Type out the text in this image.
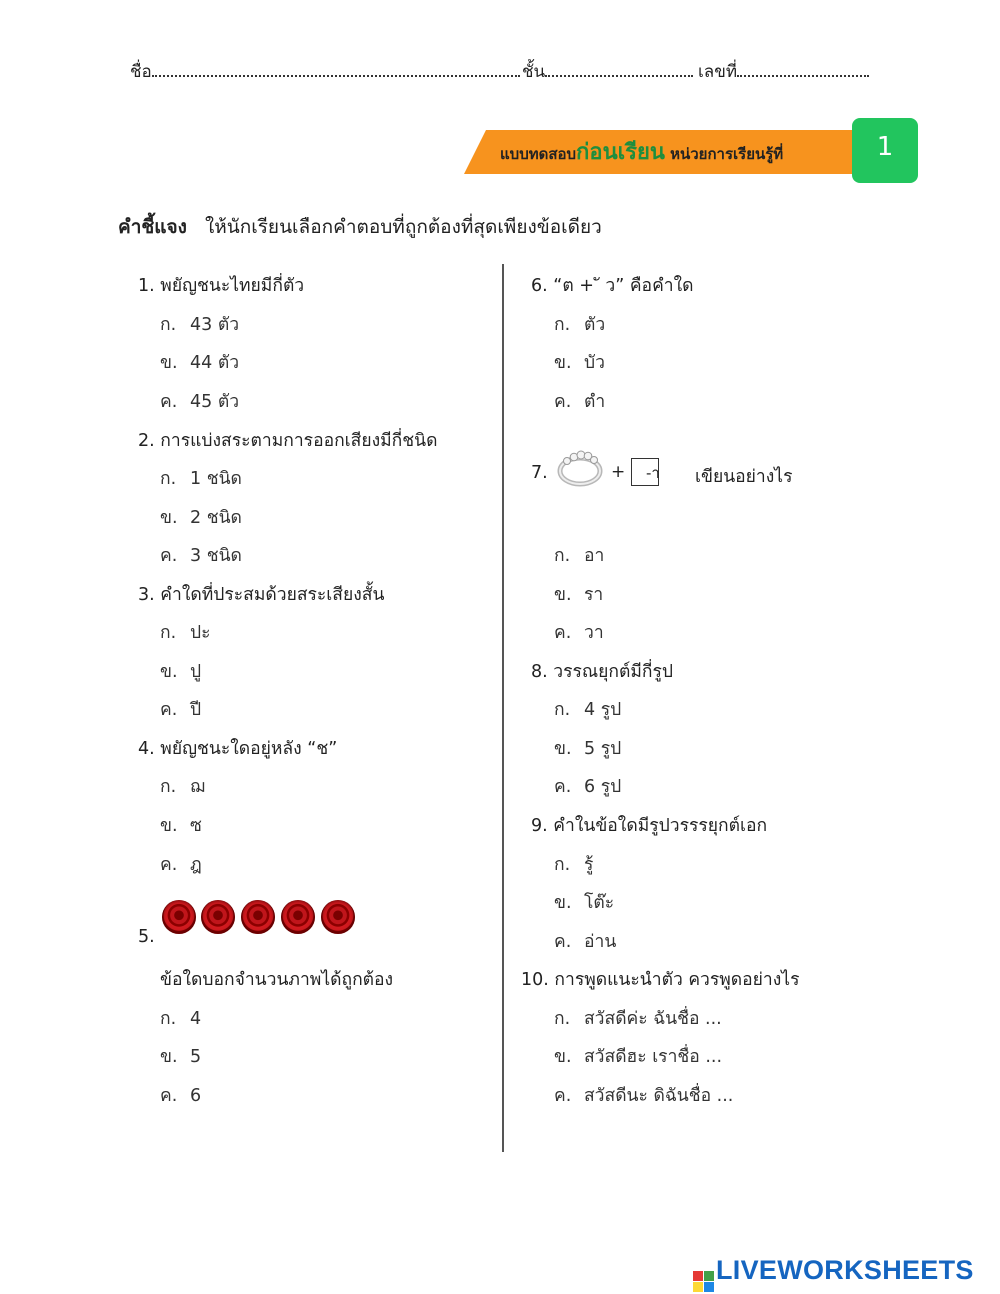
ชื่อ	ชั้น	เลขที่
แบบทดสอบก่อนเรียน หน่วยการเรียนรู้ที่	1
คำชี้แจง ให้นักเรียนเลือกคำตอบที่ถูกต้องที่สุดเพียงข้อเดียว
1. พยัญชนะไทยมีกี่ตัว
ก. 43 ตัว
ข. 44 ตัว
ค. 45 ตัว
2. การแบ่งสระตามการออกเสียงมีกี่ชนิด
ก. 1 ชนิด
ข. 2 ชนิด
ค. 3 ชนิด
3. คำใดที่ประสมด้วยสระเสียงสั้น
ก. ปะ
ข. ปู
ค. ปี
4. พยัญชนะใดอยู่หลัง “ช”
ก. ฌ
ข. ซ
ค. ฎ
5.
ข้อใดบอกจำนวนภาพได้ถูกต้อง
ก. 4
ข. 5
ค. 6
6. “ต + ั ว” คือคำใด
ก. ตัว
ข. บัว
ค. ตำ
7.	+ -า เขียนอย่างไร
ก. อา
ข. รา
ค. วา
8. วรรณยุกต์มีกี่รูป
ก. 4 รูป
ข. 5 รูป
ค. 6 รูป
9. คำในข้อใดมีรูปวรรรยุกต์เอก
ก. รู้
ข. โต๊ะ
ค. อ่าน
10. การพูดแนะนำตัว ควรพูดอย่างไร
ก. สวัสดีค่ะ ฉันชื่อ ...
ข. สวัสดีฮะ เราชื่อ ...
ค. สวัสดีนะ ดิฉันชื่อ ...
LIVEWORKSHEETS
